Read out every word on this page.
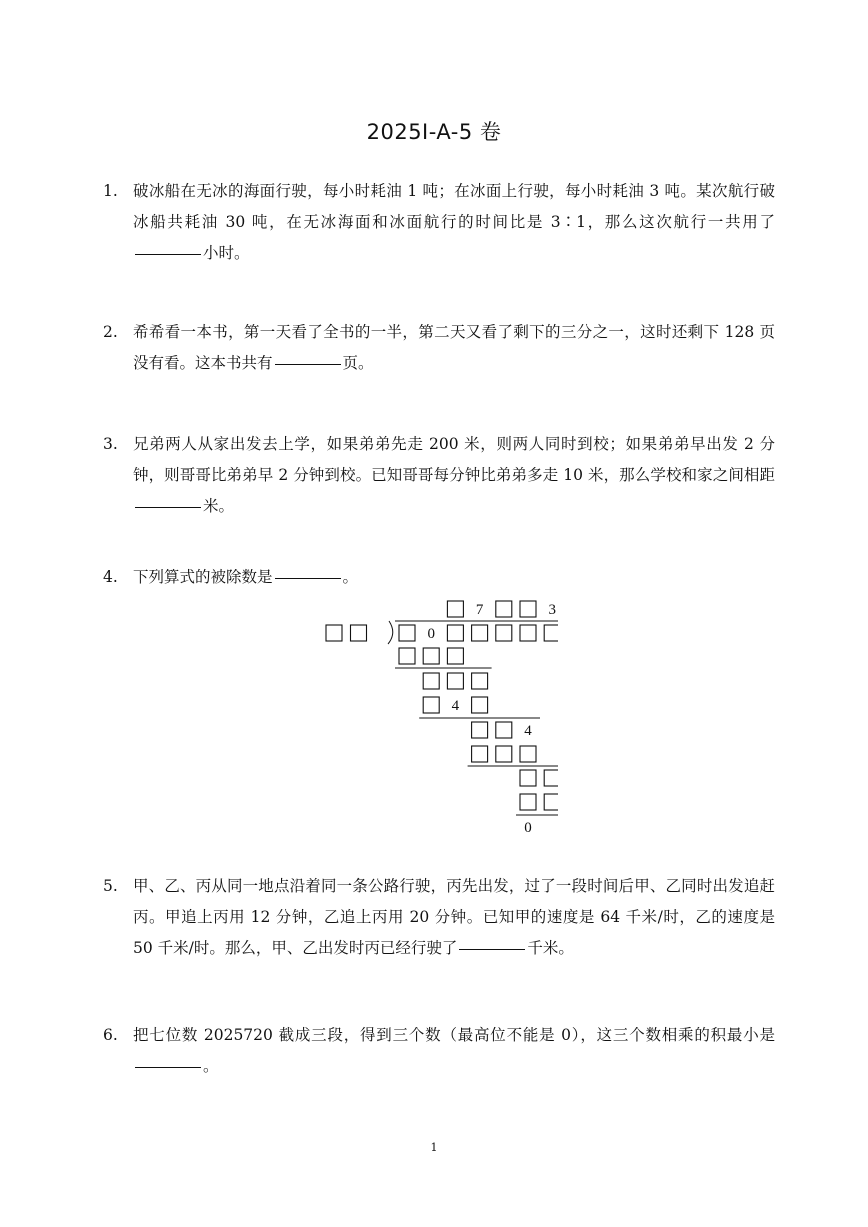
2025I-A-5 卷
1. 破冰船在无冰的海面行驶，每小时耗油 1 吨；在冰面上行驶，每小时耗油 3 吨。某次航行破冰船共耗油 30 吨，在无冰海面和冰面航行的时间比是 3∶1，那么这次航行一共用了小时。
2. 希希看一本书，第一天看了全书的一半，第二天又看了剩下的三分之一，这时还剩下 128 页没有看。这本书共有	页。
3. 兄弟两人从家出发去上学，如果弟弟先走 200 米，则两人同时到校；如果弟弟早出发 2 分钟，则哥哥比弟弟早 2 分钟到校。已知哥哥每分钟比弟弟多走 10 米，那么学校和家之间相距米。
4. 下列算式的被除数是	。
7	3
0
4
4
0
5. 甲、乙、丙从同一地点沿着同一条公路行驶，丙先出发，过了一段时间后甲、乙同时出发追赶丙。甲追上丙用 12 分钟，乙追上丙用 20 分钟。已知甲的速度是 64 千米/时，乙的速度是 50 千米/时。那么，甲、乙出发时丙已经行驶了	千米。
6. 把七位数 2025720 截成三段，得到三个数（最高位不能是 0），这三个数相乘的积最小是。
1
